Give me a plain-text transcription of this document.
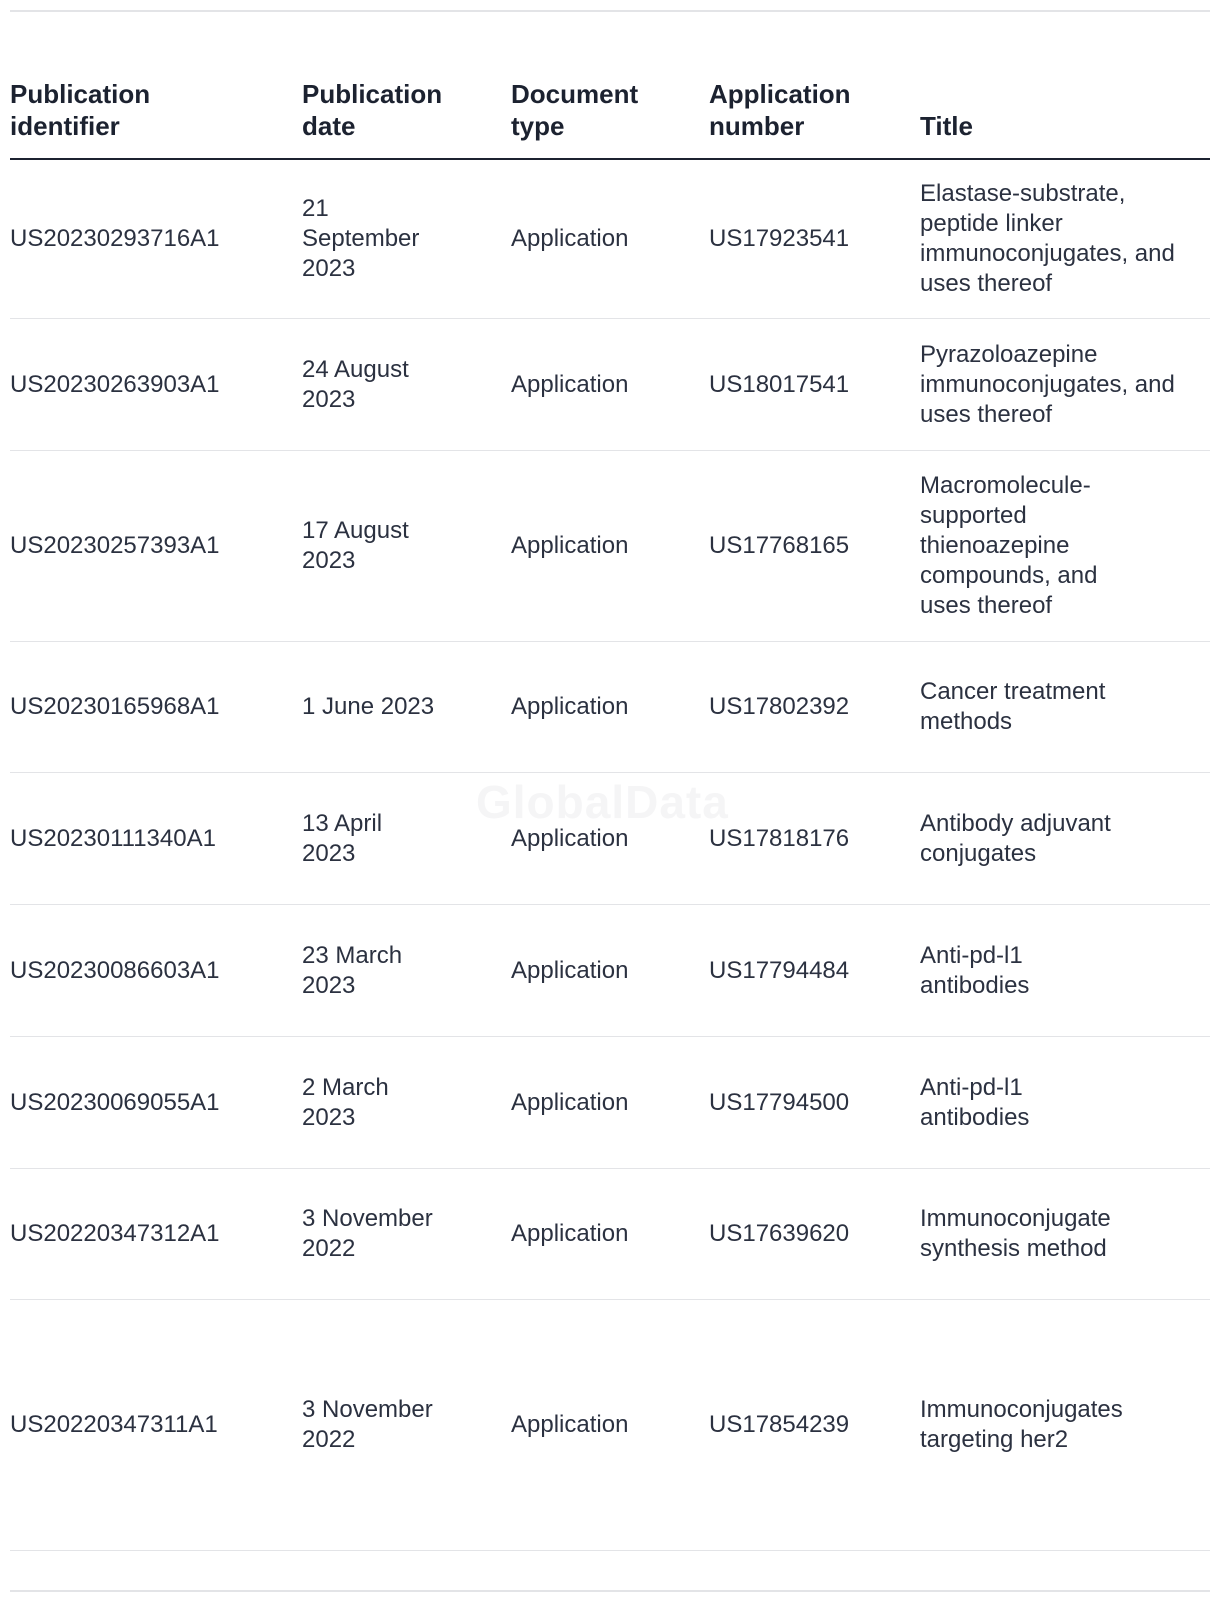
GlobalData
Publication identifier	Publication date	Document type	Application number	Title

US20230293716A1	21 September 2023	Application	US17923541	Elastase-substrate, peptide linker immunoconjugates, and uses thereof

US20230263903A1	24 August 2023	Application	US18017541	Pyrazoloazepine immunoconjugates, and uses thereof

US20230257393A1	17 August 2023	Application	US17768165	Macromolecule-supported thienoazepine compounds, and uses thereof

US20230165968A1	1 June 2023	Application	US17802392	Cancer treatment methods

US20230111340A1	13 April 2023	Application	US17818176	Antibody adjuvant conjugates

US20230086603A1	23 March 2023	Application	US17794484	Anti-pd-l1 antibodies

US20230069055A1	2 March 2023	Application	US17794500	Anti-pd-l1 antibodies

US20220347312A1	3 November 2022	Application	US17639620	Immunoconjugate synthesis method

US20220347311A1	3 November 2022	Application	US17854239	Immunoconjugates targeting her2
